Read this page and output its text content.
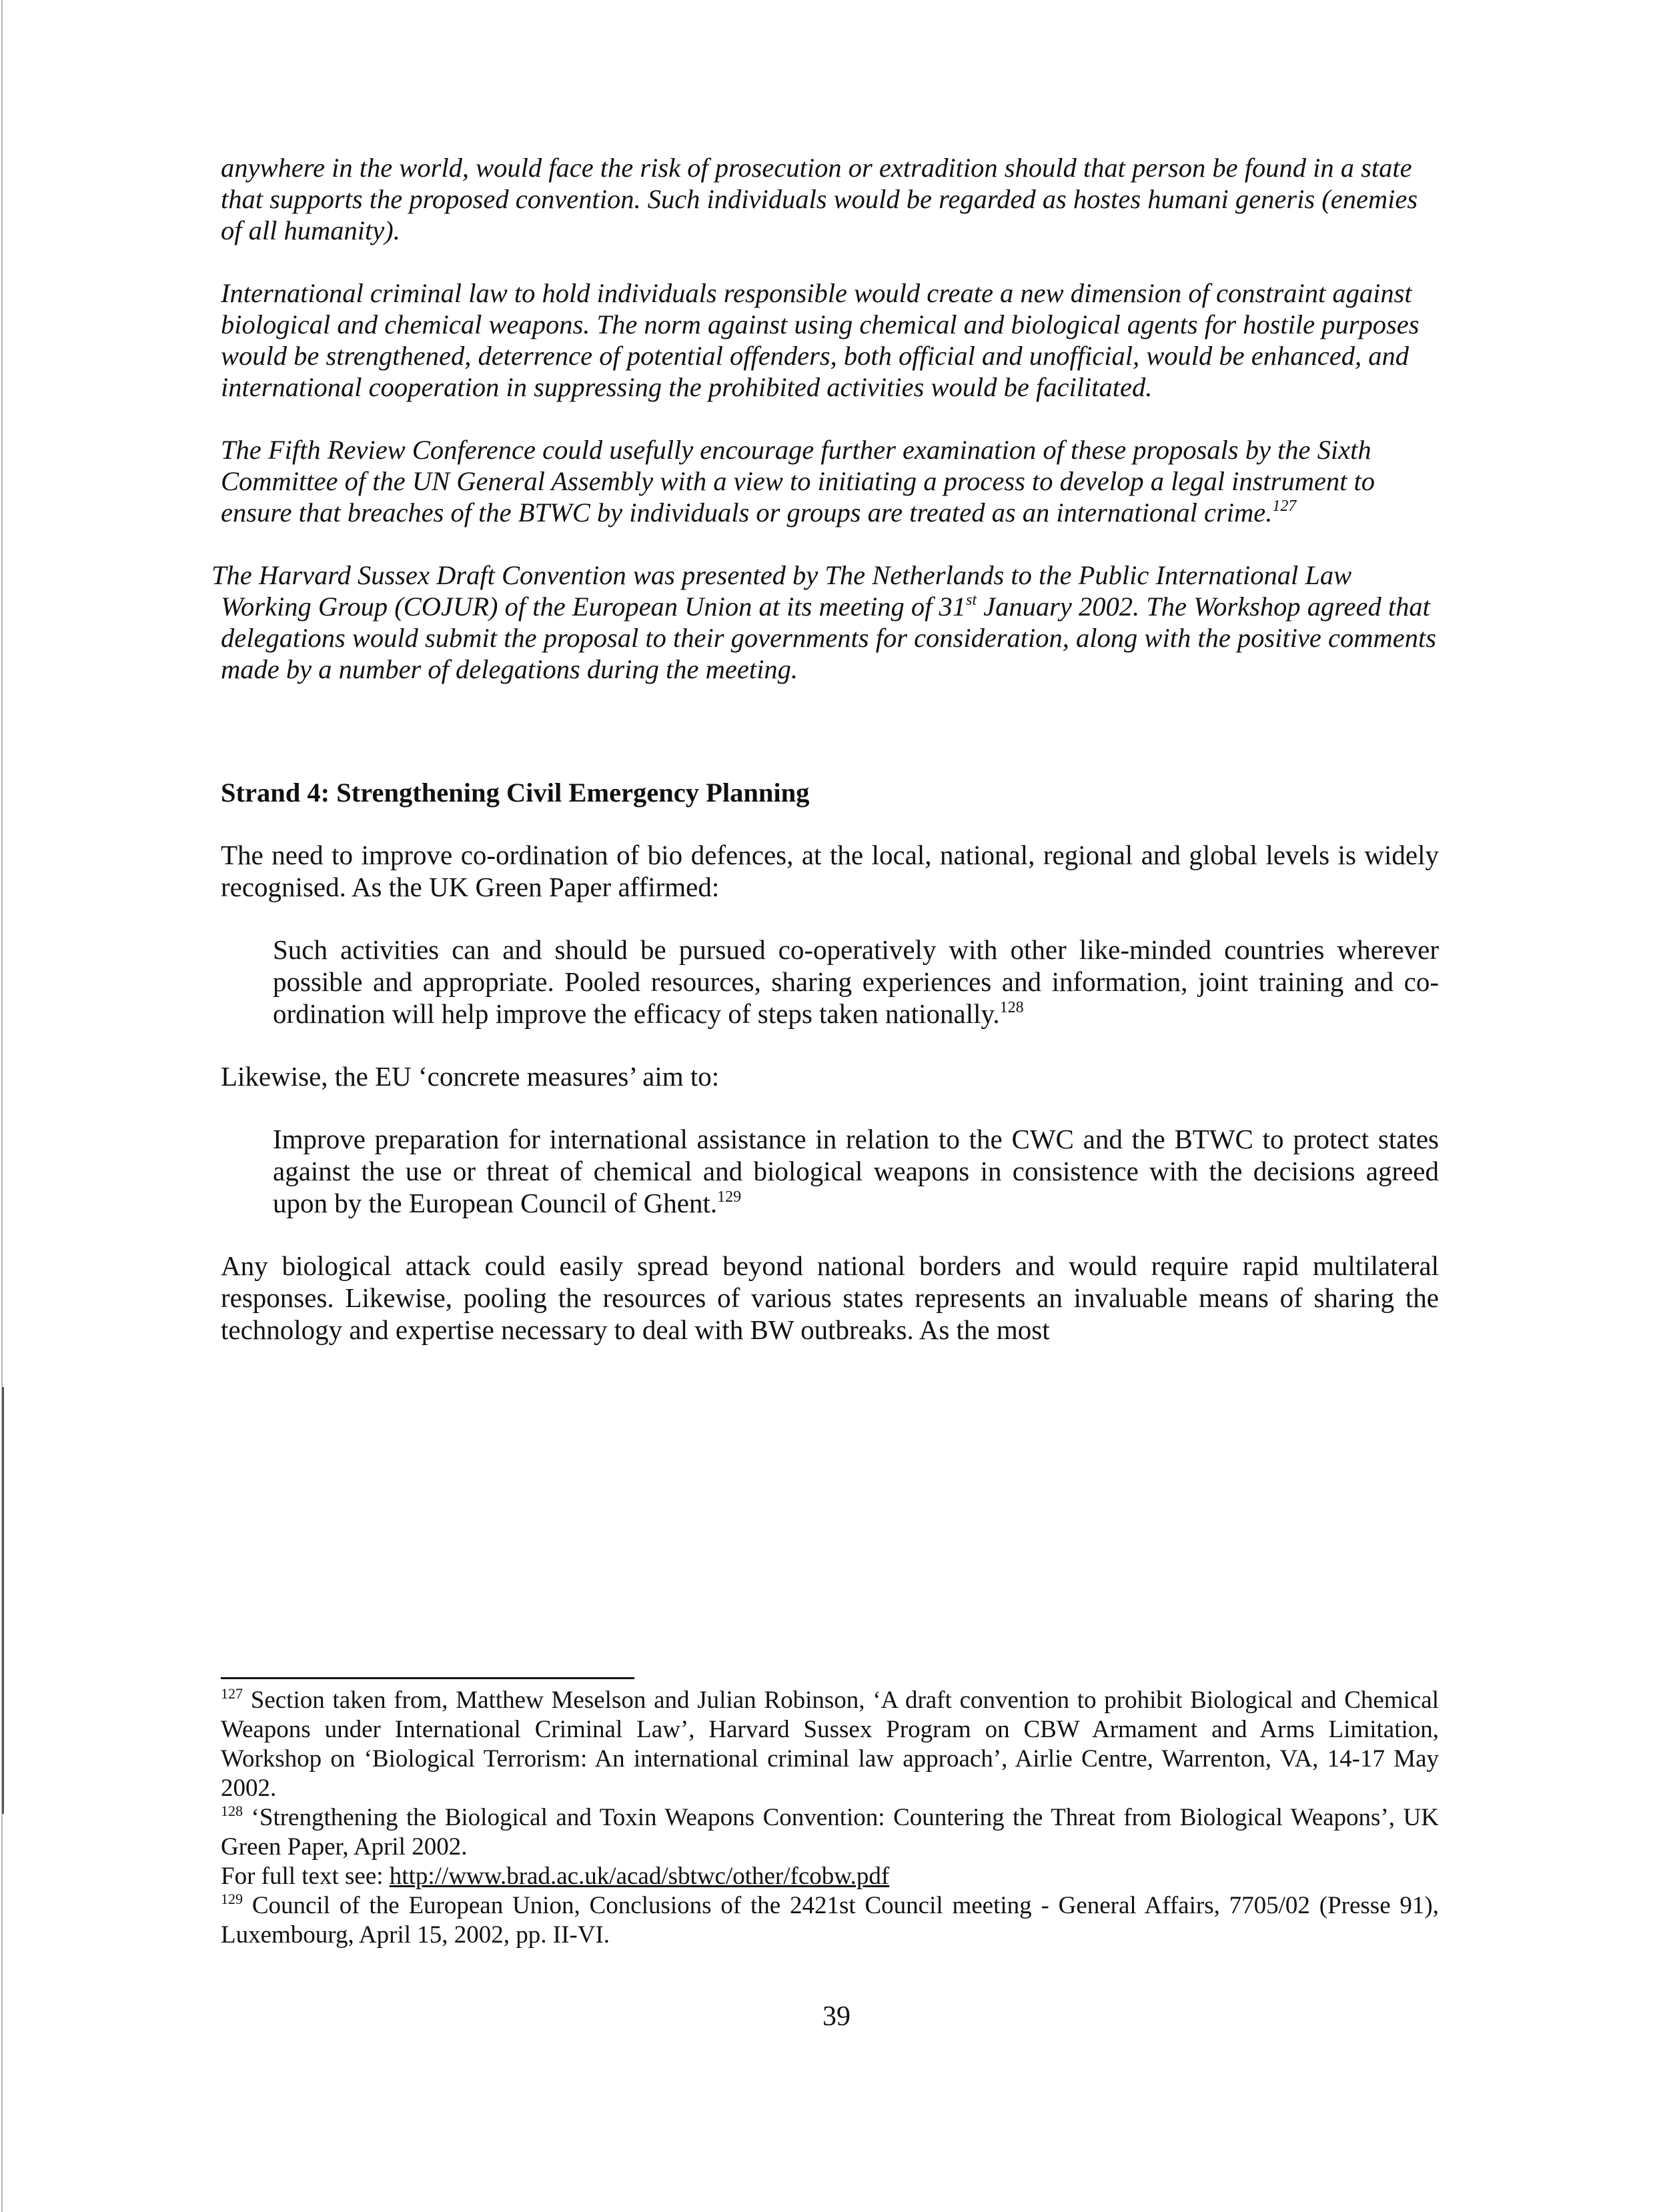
anywhere in the world, would face the risk of prosecution or extradition should that person be found in a state that supports the proposed convention. Such individuals would be regarded as hostes humani generis (enemies of all humanity).

International criminal law to hold individuals responsible would create a new dimension of constraint against biological and chemical weapons. The norm against using chemical and biological agents for hostile purposes would be strengthened, deterrence of potential offenders, both official and unofficial, would be enhanced, and international cooperation in suppressing the prohibited activities would be facilitated.

The Fifth Review Conference could usefully encourage further examination of these proposals by the Sixth Committee of the UN General Assembly with a view to initiating a process to develop a legal instrument to ensure that breaches of the BTWC by individuals or groups are treated as an international crime.$^{127}$

The Harvard Sussex Draft Convention was presented by The Netherlands to the Public International Law Working Group (COJUR) of the European Union at its meeting of 31st January 2002. The Workshop agreed that delegations would submit the proposal to their governments for consideration, along with the positive comments made by a number of delegations during the meeting.

Strand 4: Strengthening Civil Emergency Planning

The need to improve co-ordination of bio defences, at the local, national, regional and global levels is widely recognised. As the UK Green Paper affirmed:

Such activities can and should be pursued co-operatively with other like-minded countries wherever possible and appropriate. Pooled resources, sharing experiences and information, joint training and co-ordination will help improve the efficacy of steps taken nationally.$^{128}$

Likewise, the EU ‘concrete measures’ aim to:

Improve preparation for international assistance in relation to the CWC and the BTWC to protect states against the use or threat of chemical and biological weapons in consistence with the decisions agreed upon by the European Council of Ghent.$^{129}$

Any biological attack could easily spread beyond national borders and would require rapid multilateral responses. Likewise, pooling the resources of various states represents an invaluable means of sharing the technology and expertise necessary to deal with BW outbreaks. As the most

$^{127}$ Section taken from, Matthew Meselson and Julian Robinson, ‘A draft convention to prohibit Biological and Chemical Weapons under International Criminal Law’, Harvard Sussex Program on CBW Armament and Arms Limitation, Workshop on ‘Biological Terrorism: An international criminal law approach’, Airlie Centre, Warrenton, VA, 14-17 May 2002.

$^{128}$ ‘Strengthening the Biological and Toxin Weapons Convention: Countering the Threat from Biological Weapons’, UK Green Paper, April 2002.

For full text see: http://www.brad.ac.uk/acad/sbtwc/other/fcobw.pdf

$^{129}$ Council of the European Union, Conclusions of the 2421st Council meeting - General Affairs, 7705/02 (Presse 91), Luxembourg, April 15, 2002, pp. II-VI.

39
